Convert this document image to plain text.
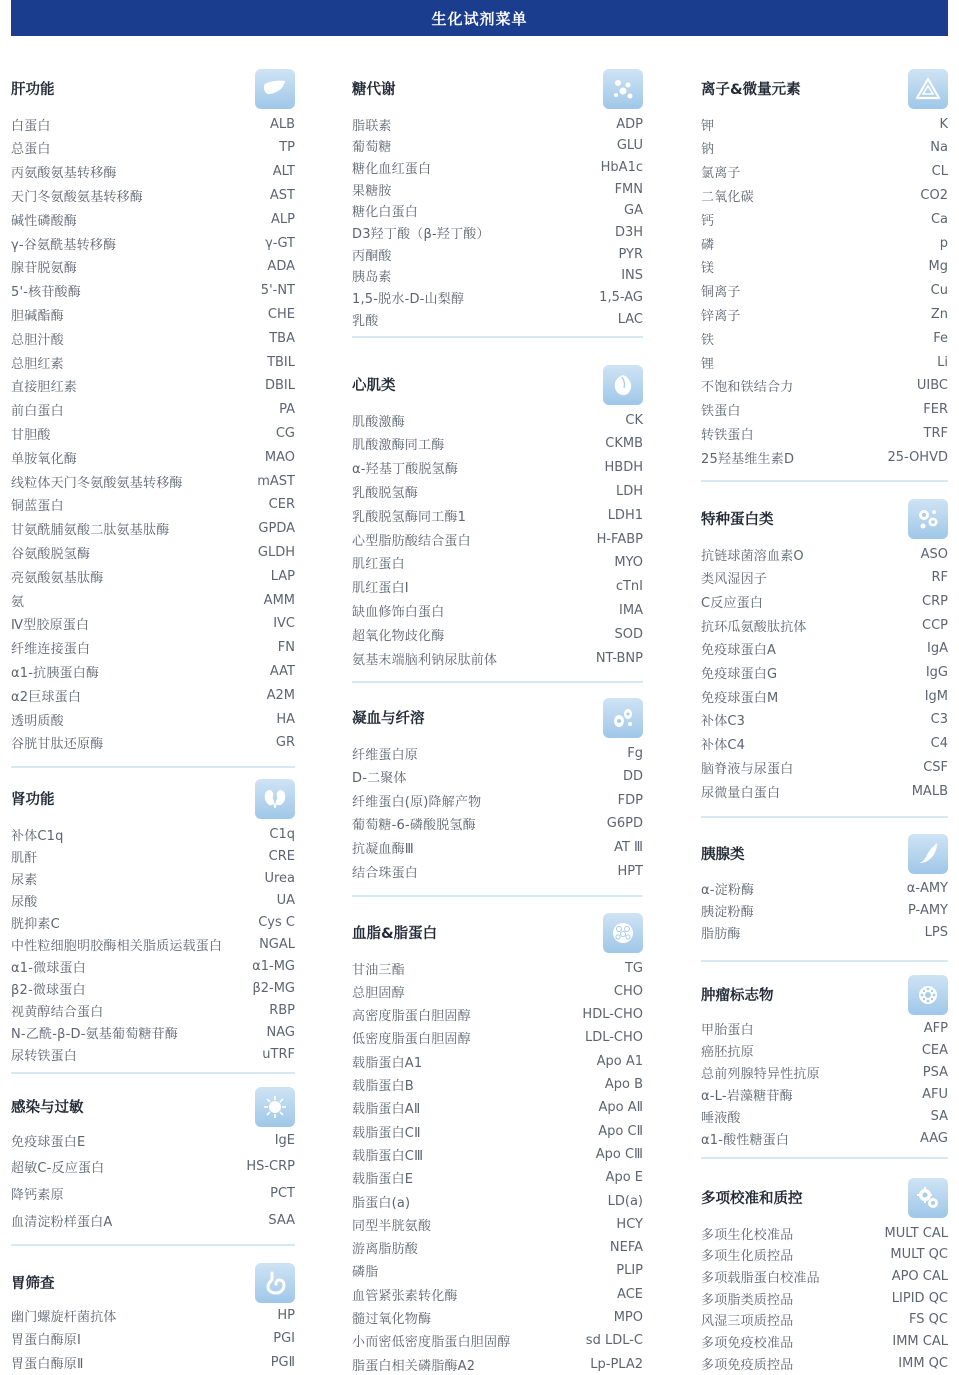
生化试剂菜单
肝功能
白蛋白	ALB
总蛋白	TP
丙氨酸氨基转移酶	ALT
天门冬氨酸氨基转移酶	AST
碱性磷酸酶	ALP
γ-谷氨酰基转移酶	γ-GT
腺苷脱氨酶	ADA
5'-核苷酸酶	5'-NT
胆碱酯酶	CHE
总胆汁酸	TBA
总胆红素	TBIL
直接胆红素	DBIL
前白蛋白	PA
甘胆酸	CG
单胺氧化酶	MAO
线粒体天门冬氨酸氨基转移酶	mAST
铜蓝蛋白	CER
甘氨酰脯氨酸二肽氨基肽酶	GPDA
谷氨酸脱氢酶	GLDH
亮氨酸氨基肽酶	LAP
氨	AMM
Ⅳ型胶原蛋白	IVC
纤维连接蛋白	FN
α1-抗胰蛋白酶	AAT
α2巨球蛋白	A2M
透明质酸	HA
谷胱甘肽还原酶	GR
肾功能
补体C1q	C1q
肌酐	CRE
尿素	Urea
尿酸	UA
胱抑素C	Cys C
中性粒细胞明胶酶相关脂质运载蛋白	NGAL
α1-微球蛋白	α1-MG
β2-微球蛋白	β2-MG
视黄醇结合蛋白	RBP
N-乙酰-β-D-氨基葡萄糖苷酶	NAG
尿转铁蛋白	uTRF
感染与过敏
免疫球蛋白E	IgE
超敏C-反应蛋白	HS-CRP
降钙素原	PCT
血清淀粉样蛋白A	SAA
胃筛查
幽门螺旋杆菌抗体	HP
胃蛋白酶原Ⅰ	PGⅠ
胃蛋白酶原Ⅱ	PGⅡ
糖代谢
脂联素	ADP
葡萄糖	GLU
糖化血红蛋白	HbA1c
果糖胺	FMN
糖化白蛋白	GA
D3羟丁酸（β-羟丁酸）	D3H
丙酮酸	PYR
胰岛素	INS
1,5-脱水-D-山梨醇	1,5-AG
乳酸	LAC
心肌类
肌酸激酶	CK
肌酸激酶同工酶	CKMB
α-羟基丁酸脱氢酶	HBDH
乳酸脱氢酶	LDH
乳酸脱氢酶同工酶1	LDH1
心型脂肪酸结合蛋白	H-FABP
肌红蛋白	MYO
肌红蛋白I	cTnI
缺血修饰白蛋白	IMA
超氧化物歧化酶	SOD
氨基末端脑利钠尿肽前体	NT-BNP
凝血与纤溶
纤维蛋白原	Fg
D-二聚体	DD
纤维蛋白(原)降解产物	FDP
葡萄糖-6-磷酸脱氢酶	G6PD
抗凝血酶Ⅲ	AT Ⅲ
结合珠蛋白	HPT
血脂&脂蛋白
甘油三酯	TG
总胆固醇	CHO
高密度脂蛋白胆固醇	HDL-CHO
低密度脂蛋白胆固醇	LDL-CHO
载脂蛋白A1	Apo A1
载脂蛋白B	Apo B
载脂蛋白AⅡ	Apo AⅡ
载脂蛋白CⅡ	Apo CⅡ
载脂蛋白CⅢ	Apo CⅢ
载脂蛋白E	Apo E
脂蛋白(a)	LD(a)
同型半胱氨酸	HCY
游离脂肪酸	NEFA
磷脂	PLIP
血管紧张素转化酶	ACE
髓过氧化物酶	MPO
小而密低密度脂蛋白胆固醇	sd LDL-C
脂蛋白相关磷脂酶A2	Lp-PLA2
离子&微量元素
钾	K
钠	Na
氯离子	CL
二氧化碳	CO2
钙	Ca
磷	p
镁	Mg
铜离子	Cu
锌离子	Zn
铁	Fe
锂	Li
不饱和铁结合力	UIBC
铁蛋白	FER
转铁蛋白	TRF
25羟基维生素D	25-OHVD
特种蛋白类
抗链球菌溶血素O	ASO
类风湿因子	RF
C反应蛋白	CRP
抗环瓜氨酸肽抗体	CCP
免疫球蛋白A	IgA
免疫球蛋白G	IgG
免疫球蛋白M	IgM
补体C3	C3
补体C4	C4
脑脊液与尿蛋白	CSF
尿微量白蛋白	MALB
胰腺类
α-淀粉酶	α-AMY
胰淀粉酶	P-AMY
脂肪酶	LPS
肿瘤标志物
甲胎蛋白	AFP
癌胚抗原	CEA
总前列腺特异性抗原	PSA
α-L-岩藻糖苷酶	AFU
唾液酸	SA
α1-酸性糖蛋白	AAG
多项校准和质控
多项生化校准品	MULT CAL
多项生化质控品	MULT QC
多项载脂蛋白校准品	APO CAL
多项脂类质控品	LIPID QC
风湿三项质控品	FS QC
多项免疫校准品	IMM CAL
多项免疫质控品	IMM QC
